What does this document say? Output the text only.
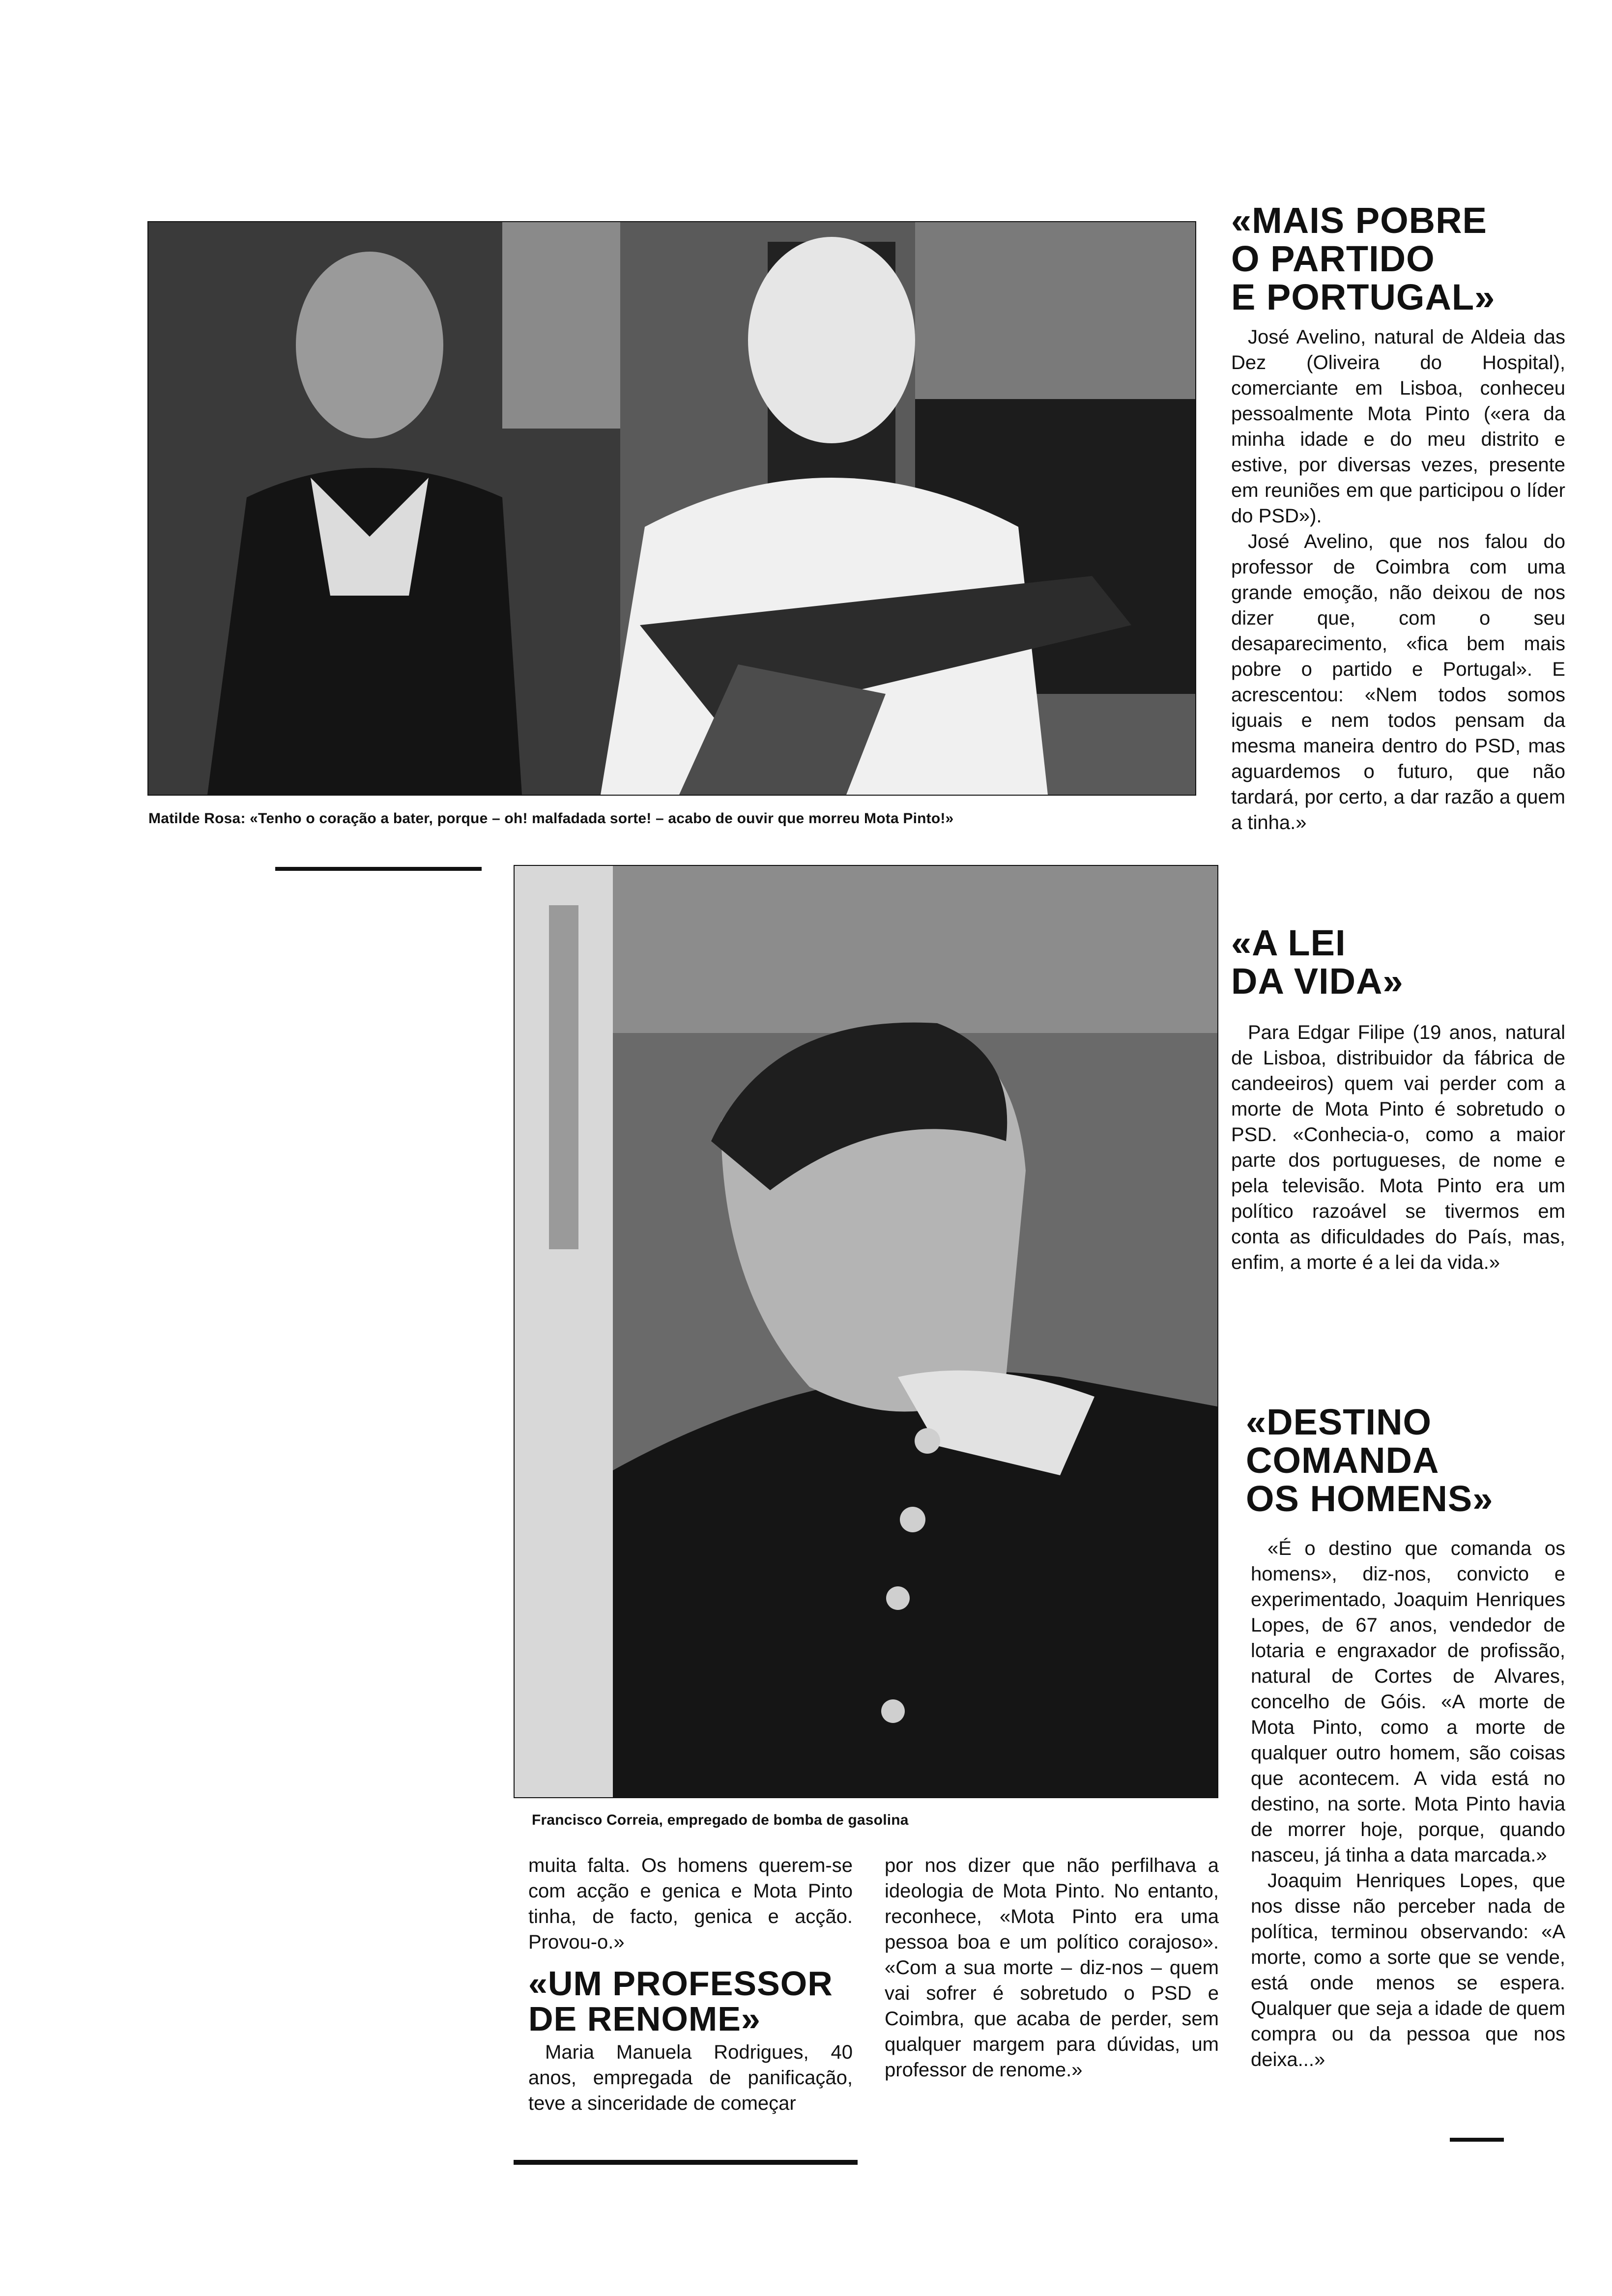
Matilde Rosa: «Tenho o coração a bater, porque – oh! malfadada sorte! – acabo de ouvir que morreu Mota Pinto!»
Francisco Correia, empregado de bomba de gasolina
«MAIS POBRE
O PARTIDO
E PORTUGAL»

José Avelino, natural de Aldeia das Dez (Oliveira do Hospital), comerciante em Lisboa, conheceu pessoalmente Mota Pinto («era da minha idade e do meu distrito e estive, por diversas vezes, presente em reuniões em que participou o líder do PSD»).

José Avelino, que nos falou do professor de Coimbra com uma grande emoção, não deixou de nos dizer que, com o seu desaparecimento, «fica bem mais pobre o partido e Portugal». E acrescentou: «Nem todos somos iguais e nem todos pensam da mesma maneira dentro do PSD, mas aguardemos o futuro, que não tardará, por certo, a dar razão a quem a tinha.»

«A LEI
DA VIDA»

Para Edgar Filipe (19 anos, natural de Lisboa, distribuidor da fábrica de candeeiros) quem vai perder com a morte de Mota Pinto é sobretudo o PSD. «Conhecia-o, como a maior parte dos portugueses, de nome e pela televisão. Mota Pinto era um político razoável se tivermos em conta as dificuldades do País, mas, enfim, a morte é a lei da vida.»

«DESTINO
COMANDA
OS HOMENS»

«É o destino que comanda os homens», diz-nos, convicto e experimentado, Joaquim Henriques Lopes, de 67 anos, vendedor de lotaria e engraxador de profissão, natural de Cortes de Alvares, concelho de Góis. «A morte de Mota Pinto, como a morte de qualquer outro homem, são coisas que acontecem. A vida está no destino, na sorte. Mota Pinto havia de morrer hoje, porque, quando nasceu, já tinha a data marcada.»

Joaquim Henriques Lopes, que nos disse não perceber nada de política, terminou observando: «A morte, como a sorte que se vende, está onde menos se espera. Qualquer que seja a idade de quem compra ou da pessoa que nos deixa...»

muita falta. Os homens querem-se com acção e genica e Mota Pinto tinha, de facto, genica e acção. Provou-o.»

«UM PROFESSOR
DE RENOME»

Maria Manuela Rodrigues, 40 anos, empregada de panificação, teve a sinceridade de começar

por nos dizer que não perfilhava a ideologia de Mota Pinto. No entanto, reconhece, «Mota Pinto era uma pessoa boa e um político corajoso». «Com a sua morte – diz-nos – quem vai sofrer é sobretudo o PSD e Coimbra, que acaba de perder, sem qualquer margem para dúvidas, um professor de renome.»
